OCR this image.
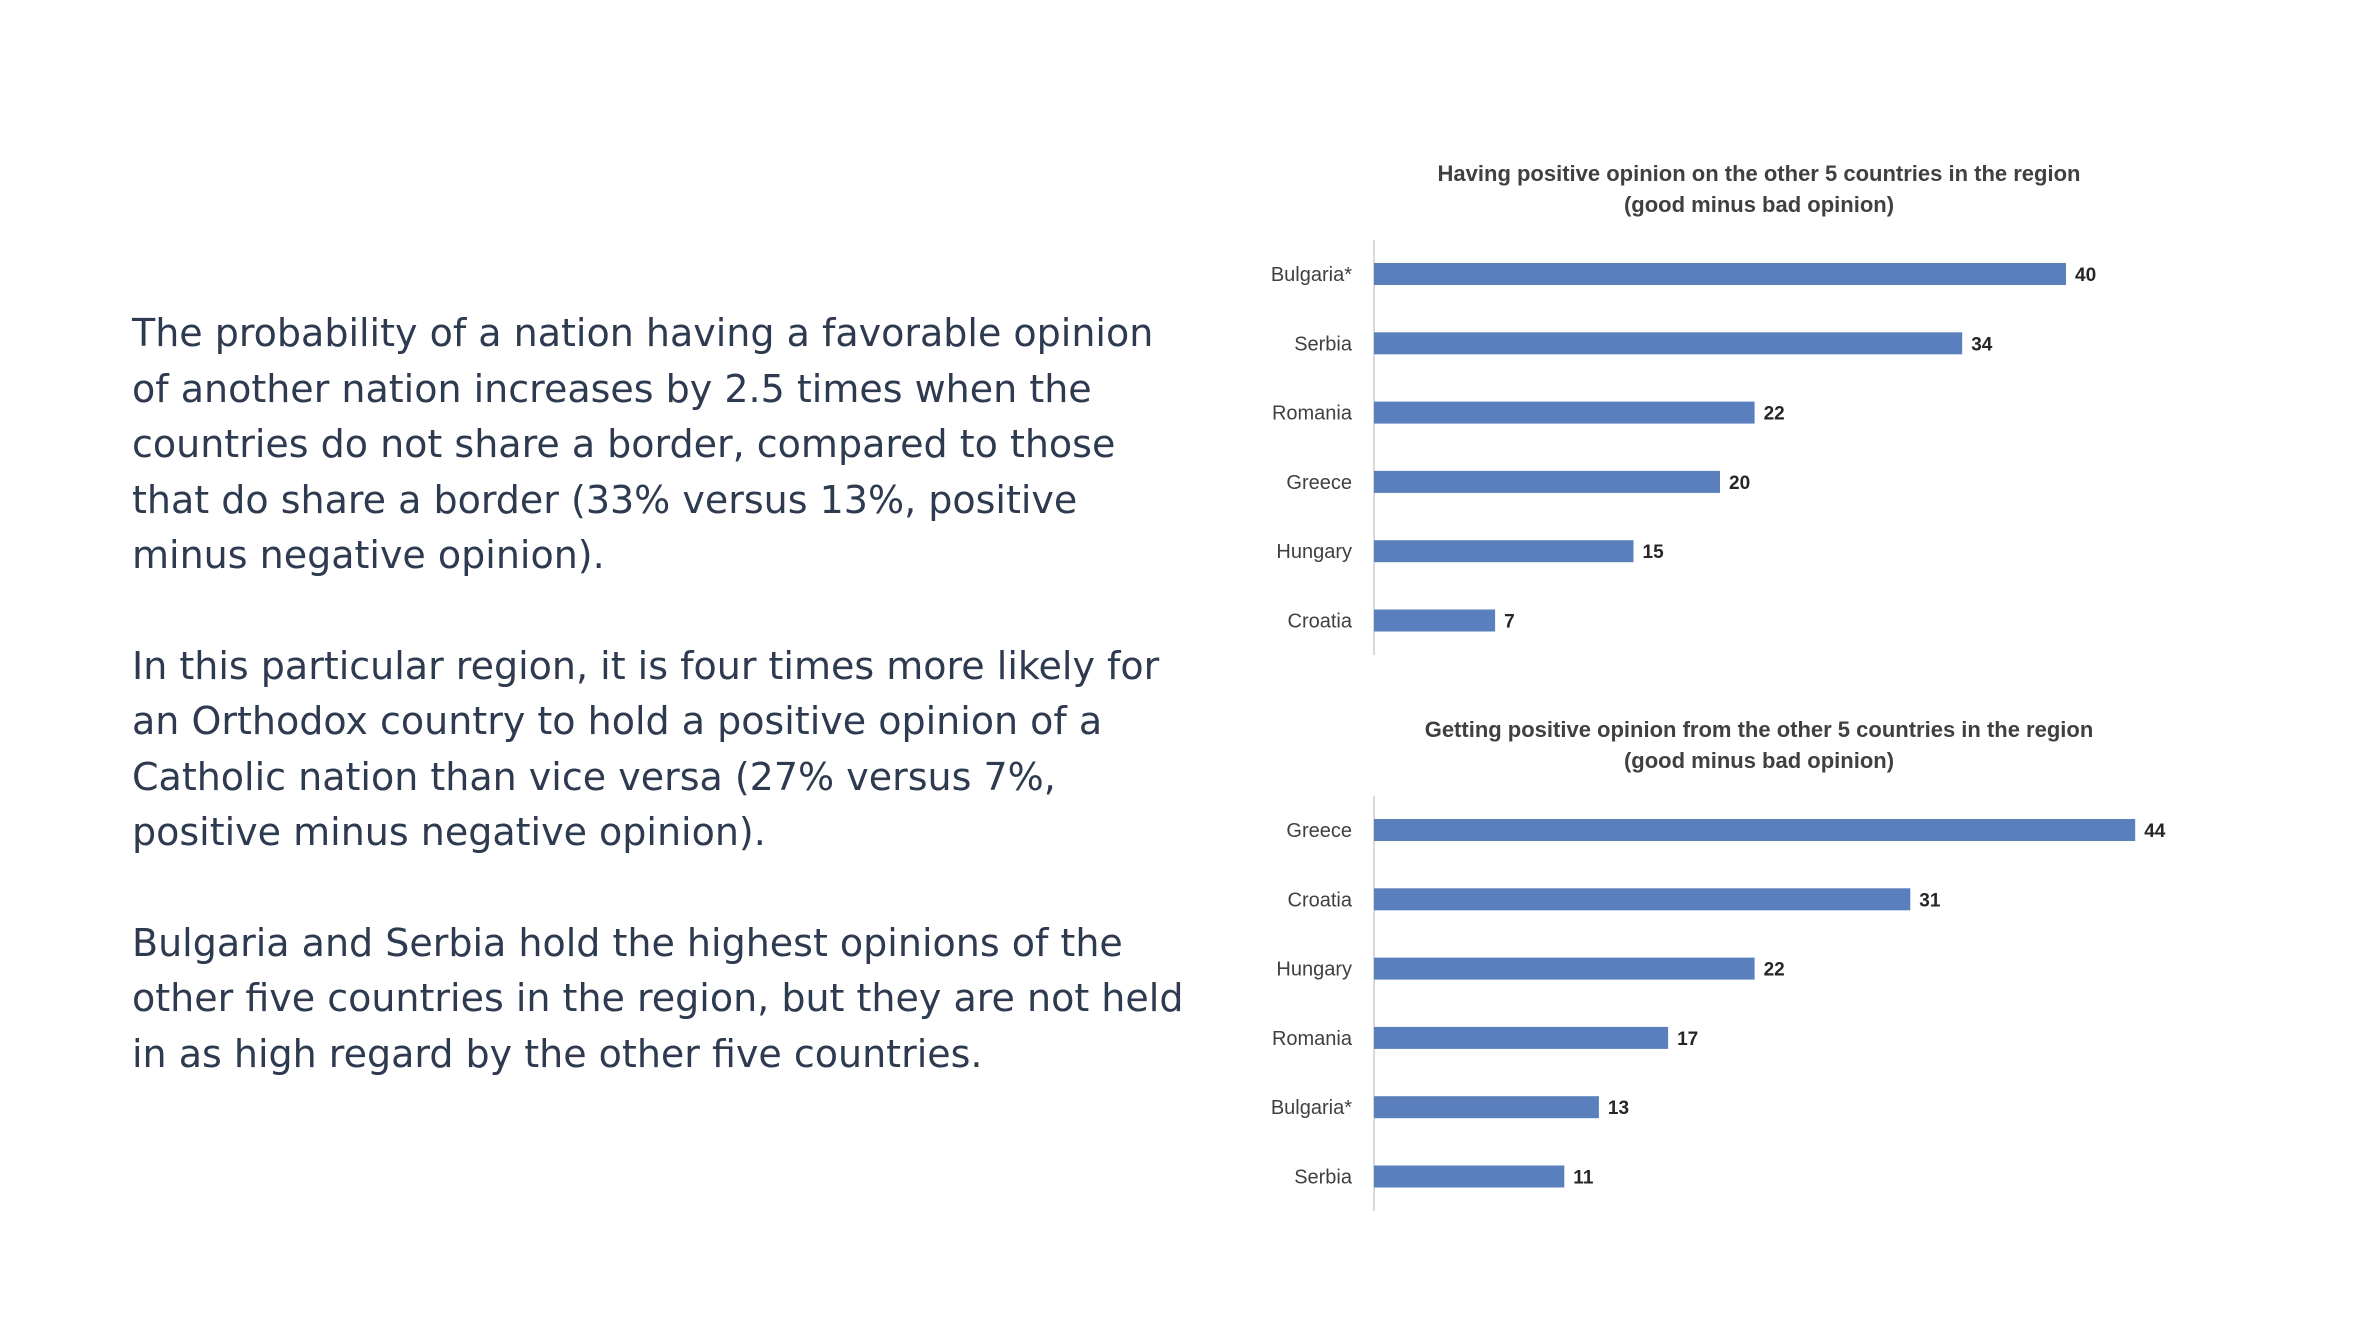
The probability of a nation having a favorable opinion of another nation increases by 2.5 times when the countries do not share a border, compared to those that do share a border (33% versus 13%, positive minus negative opinion).

In this particular region, it is four times more likely for an Orthodox country to hold a positive opinion of a Catholic nation than vice versa (27% versus 7%, positive minus negative opinion).

Bulgaria and Serbia hold the highest opinions of the other five countries in the region, but they are not held in as high regard by the other five countries.

Having positive opinion on the other 5 countries in the region
(good minus bad opinion)
Bulgaria*	40
Serbia	34
Romania	22
Greece	20
Hungary	15
Croatia	7
Getting positive opinion from the other 5 countries in the region
(good minus bad opinion)
Greece	44
Croatia	31
Hungary	22
Romania	17
Bulgaria*	13
Serbia	11
